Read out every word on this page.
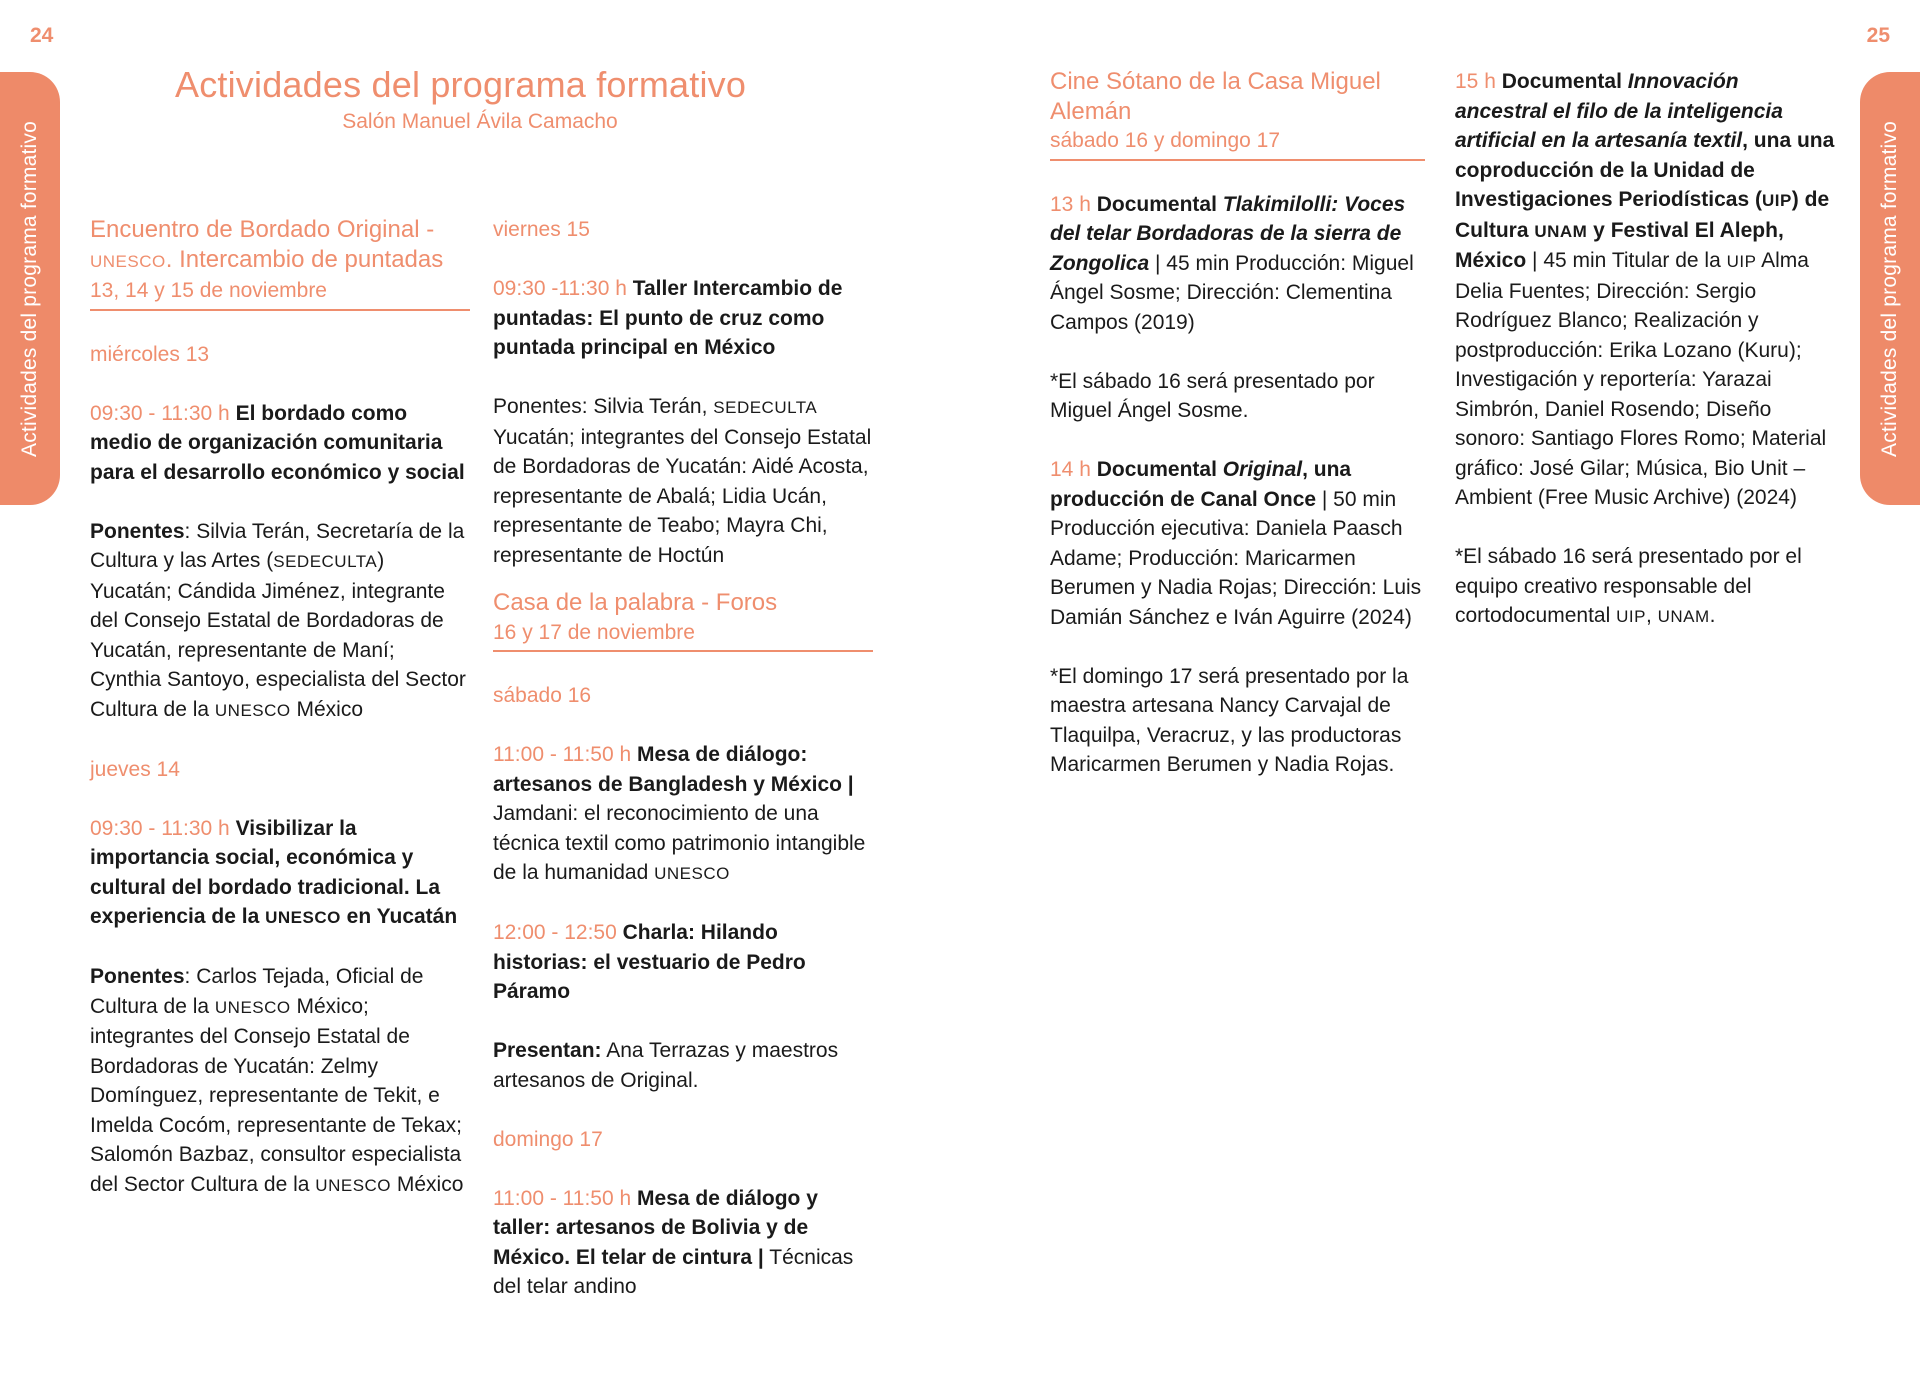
24	25
Actividades del programa formativo	Actividades del programa formativo
Actividades del programa formativo
Salón Manuel Ávila Camacho
Encuentro de Bordado Original -
UNESCO. Intercambio de puntadas
13, 14 y 15 de noviembre

miércoles 13

09:30 - 11:30 h El bordado como medio de organización comunitaria para el desarrollo económico y social

Ponentes: Silvia Terán, Secretaría de la Cultura y las Artes (SEDECULTA) Yucatán; Cándida Jiménez, integrante del Consejo Estatal de Bordadoras de Yucatán, representante de Maní; Cynthia Santoyo, especialista del Sector Cultura de la UNESCO México

jueves 14

09:30 - 11:30 h Visibilizar la importancia social, económica y cultural del bordado tradicional. La experiencia de la UNESCO en Yucatán

Ponentes: Carlos Tejada, Oficial de Cultura de la UNESCO México; integrantes del Consejo Estatal de Bordadoras de Yucatán: Zelmy Domínguez, representante de Tekit, e Imelda Cocóm, representante de Tekax; Salomón Bazbaz, consultor especialista del Sector Cultura de la UNESCO México

viernes 15

09:30 -11:30 h Taller Intercambio de puntadas: El punto de cruz como puntada principal en México

Ponentes: Silvia Terán, SEDECULTA Yucatán; integrantes del Consejo Estatal de Bordadoras de Yucatán: Aidé Acosta, representante de Abalá; Lidia Ucán, representante de Teabo; Mayra Chi, representante de Hoctún

Casa de la palabra - Foros
16 y 17 de noviembre

sábado 16

11:00 - 11:50 h Mesa de diálogo: artesanos de Bangladesh y México | Jamdani: el reconocimiento de una técnica textil como patrimonio intangible de la humanidad UNESCO

12:00 - 12:50 Charla: Hilando historias: el vestuario de Pedro Páramo

Presentan: Ana Terrazas y maestros artesanos de Original.

domingo 17

11:00 - 11:50 h Mesa de diálogo y taller: artesanos de Bolivia y de México. El telar de cintura | Técnicas del telar andino

Cine Sótano de la Casa Miguel Alemán
sábado 16 y domingo 17

13 h Documental Tlakimilolli: Voces del telar Bordadoras de la sierra de Zongolica | 45 min Producción: Miguel Ángel Sosme; Dirección: Clementina Campos (2019)

*El sábado 16 será presentado por Miguel Ángel Sosme.

14 h Documental Original, una producción de Canal Once | 50 min Producción ejecutiva: Daniela Paasch Adame; Producción: Maricarmen Berumen y Nadia Rojas; Dirección: Luis Damián Sánchez e Iván Aguirre (2024)

*El domingo 17 será presentado por la maestra artesana Nancy Carvajal de Tlaquilpa, Veracruz, y las productoras Maricarmen Berumen y Nadia Rojas.

15 h Documental Innovación ancestral el filo de la inteligencia artificial en la artesanía textil, una una coproducción de la Unidad de Investigaciones Periodísticas (UIP) de Cultura UNAM y Festival El Aleph, México | 45 min Titular de la UIP Alma Delia Fuentes; Dirección: Sergio Rodríguez Blanco; Realización y postproducción: Erika Lozano (Kuru); Investigación y reportería: Yarazai Simbrón, Daniel Rosendo; Diseño sonoro: Santiago Flores Romo; Material gráfico: José Gilar; Música, Bio Unit – Ambient (Free Music Archive) (2024)

*El sábado 16 será presentado por el equipo creativo responsable del cortodocumental UIP, UNAM.
